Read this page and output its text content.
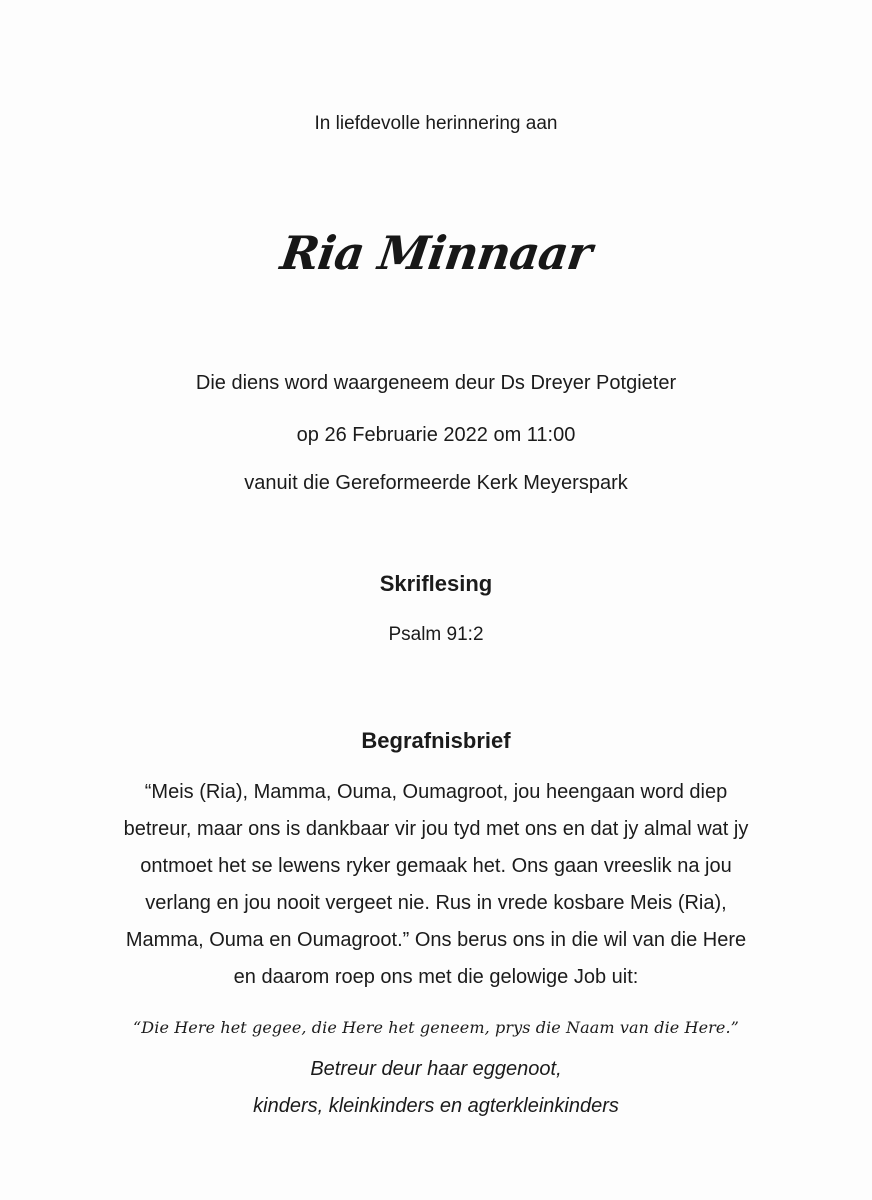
In liefdevolle herinnering aan
Ria Minnaar
Die diens word waargeneem deur Ds Dreyer Potgieter
op 26 Februarie 2022 om 11:00
vanuit die Gereformeerde Kerk Meyerspark
Skriflesing
Psalm 91:2
Begrafnisbrief
“Meis (Ria), Mamma, Ouma, Oumagroot, jou heengaan word diep
betreur, maar ons is dankbaar vir jou tyd met ons en dat jy almal wat jy
ontmoet het se lewens ryker gemaak het. Ons gaan vreeslik na jou
verlang en jou nooit vergeet nie. Rus in vrede kosbare Meis (Ria),
Mamma, Ouma en Oumagroot.” Ons berus ons in die wil van die Here
en daarom roep ons met die gelowige Job uit:
“Die Here het gegee, die Here het geneem, prys die Naam van die Here.”
Betreur deur haar eggenoot,
kinders, kleinkinders en agterkleinkinders
